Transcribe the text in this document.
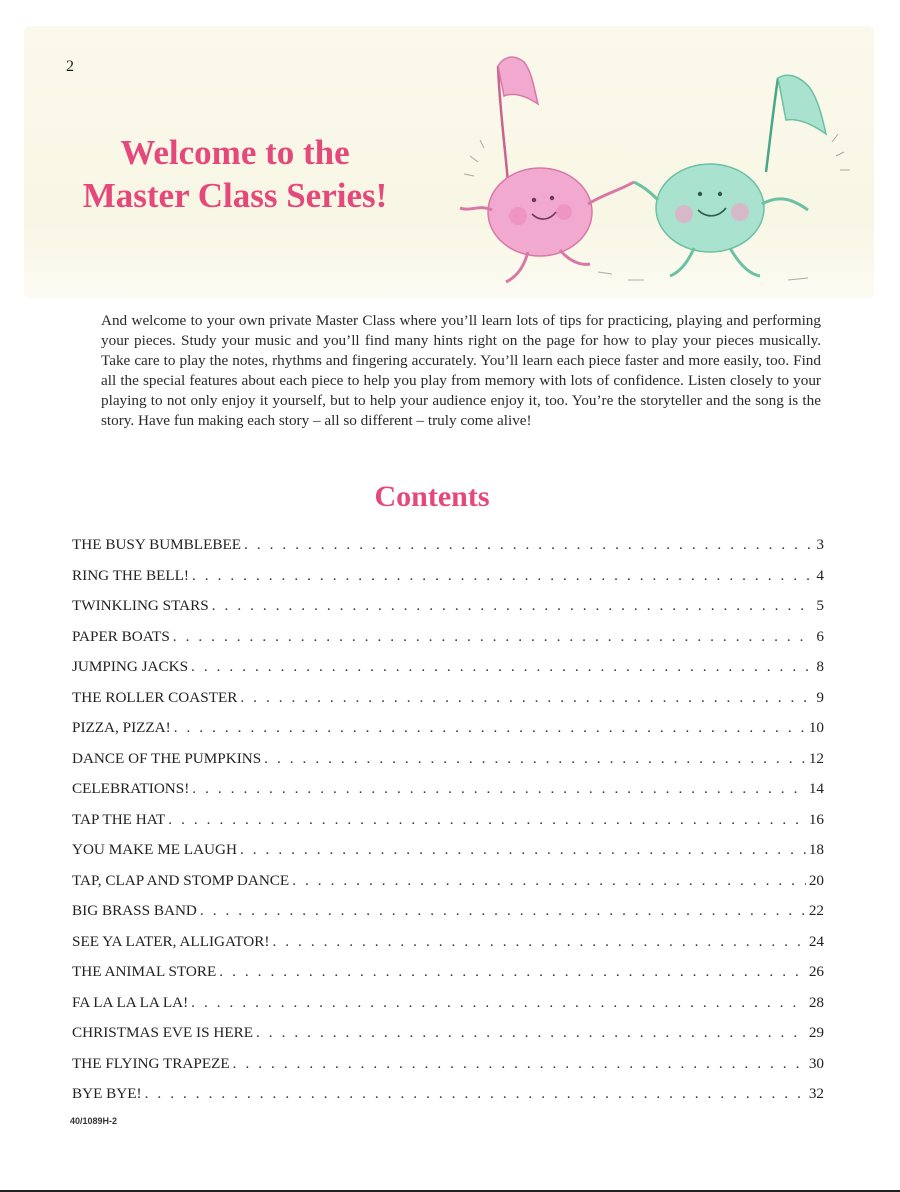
2
Welcome to the
Master Class Series!

And welcome to your own private Master Class where you’ll learn lots of tips for practicing, playing and performing your pieces. Study your music and you’ll find many hints right on the page for how to play your pieces musically. Take care to play the notes, rhythms and fingering accurately. You’ll learn each piece faster and more easily, too. Find all the special features about each piece to help you play from memory with lots of confidence. Listen closely to your playing to not only enjoy it yourself, but to help your audience enjoy it, too. You’re the storyteller and the song is the story. Have fun making each story – all so different – truly come alive!

Contents
THE BUSY BUMBLEBEE . . .	3
RING THE BELL! . . .	4
TWINKLING STARS . . .	5
PAPER BOATS . . .	6
JUMPING JACKS . . .	8
THE ROLLER COASTER . . .	9
PIZZA, PIZZA! . . .	10
DANCE OF THE PUMPKINS . . .	12
CELEBRATIONS! . . .	14
TAP THE HAT . . .	16
YOU MAKE ME LAUGH . . .	18
TAP, CLAP AND STOMP DANCE . . .	20
BIG BRASS BAND . . .	22
SEE YA LATER, ALLIGATOR! . . .	24
THE ANIMAL STORE . . .	26
FA LA LA LA LA! . . .	28
CHRISTMAS EVE IS HERE . . .	29
THE FLYING TRAPEZE . . .	30
BYE BYE! . . .	32
40/1089H-2
